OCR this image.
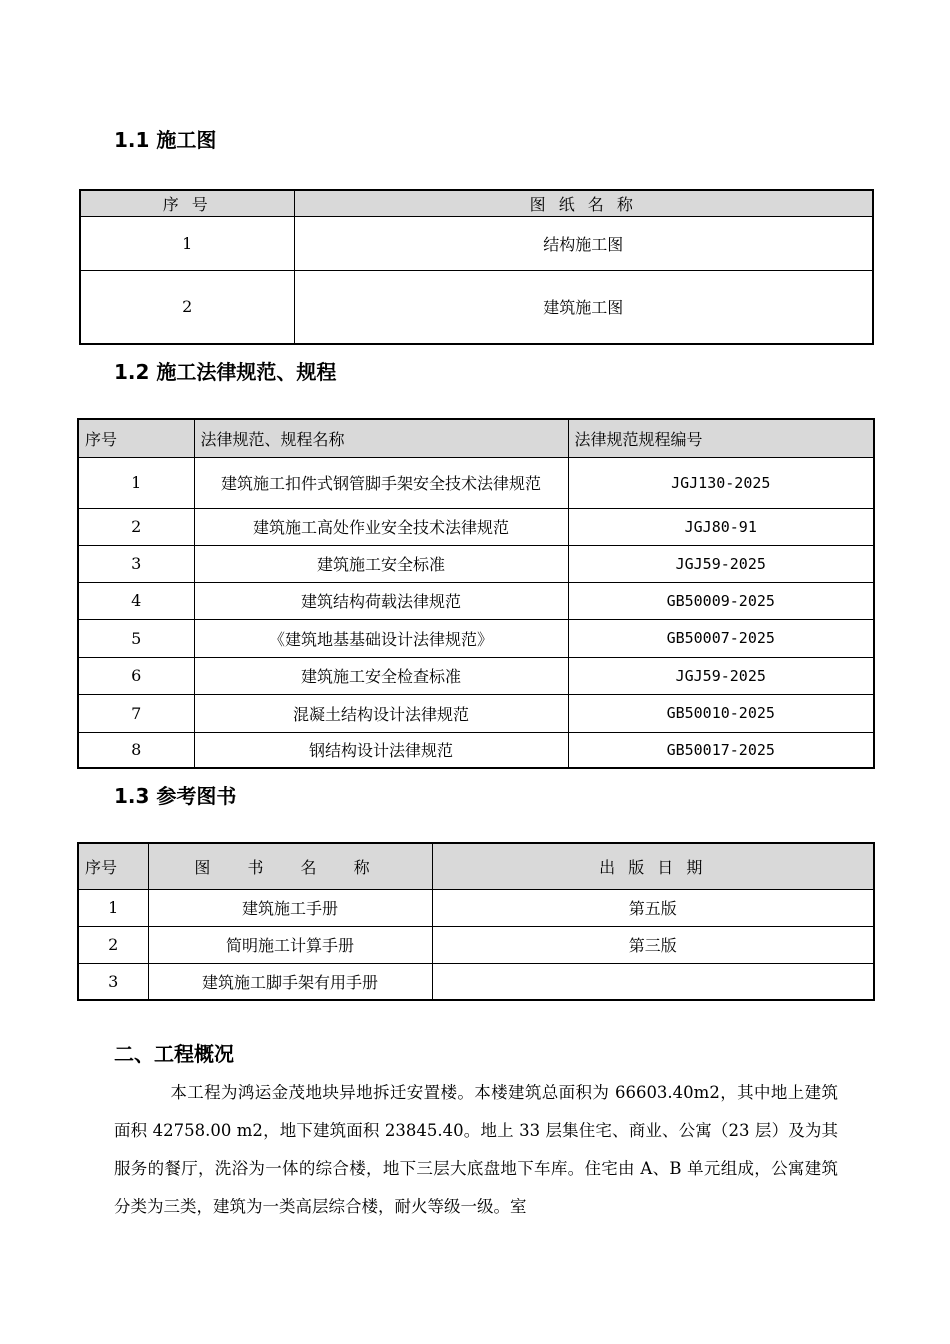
1.1 施工图
序 号	图 纸 名 称
1	结构施工图
2	建筑施工图
1.2 施工法律规范、规程
序号	法律规范、规程名称	法律规范规程编号
1	建筑施工扣件式钢管脚手架安全技术法律规范	JGJ130-2025
2	建筑施工高处作业安全技术法律规范	JGJ80-91
3	建筑施工安全标准	JGJ59-2025
4	建筑结构荷载法律规范	GB50009-2025
5	《建筑地基基础设计法律规范》	GB50007-2025
6	建筑施工安全检查标准	JGJ59-2025
7	混凝土结构设计法律规范	GB50010-2025
8	钢结构设计法律规范	GB50017-2025
1.3 参考图书
序号	图 书 名 称	出 版 日 期
1	建筑施工手册	第五版
2	简明施工计算手册	第三版
3	建筑施工脚手架有用手册	
二、工程概况

本工程为鸿运金茂地块异地拆迁安置楼。本楼建筑总面积为 66603.40m2，其中地上建筑面积 42758.00 m2，地下建筑面积 23845.40。地上 33 层集住宅、商业、公寓（23 层）及为其服务的餐厅，洗浴为一体的综合楼，地下三层大底盘地下车库。住宅由 A、B 单元组成，公寓建筑分类为三类，建筑为一类高层综合楼，耐火等级一级。室
